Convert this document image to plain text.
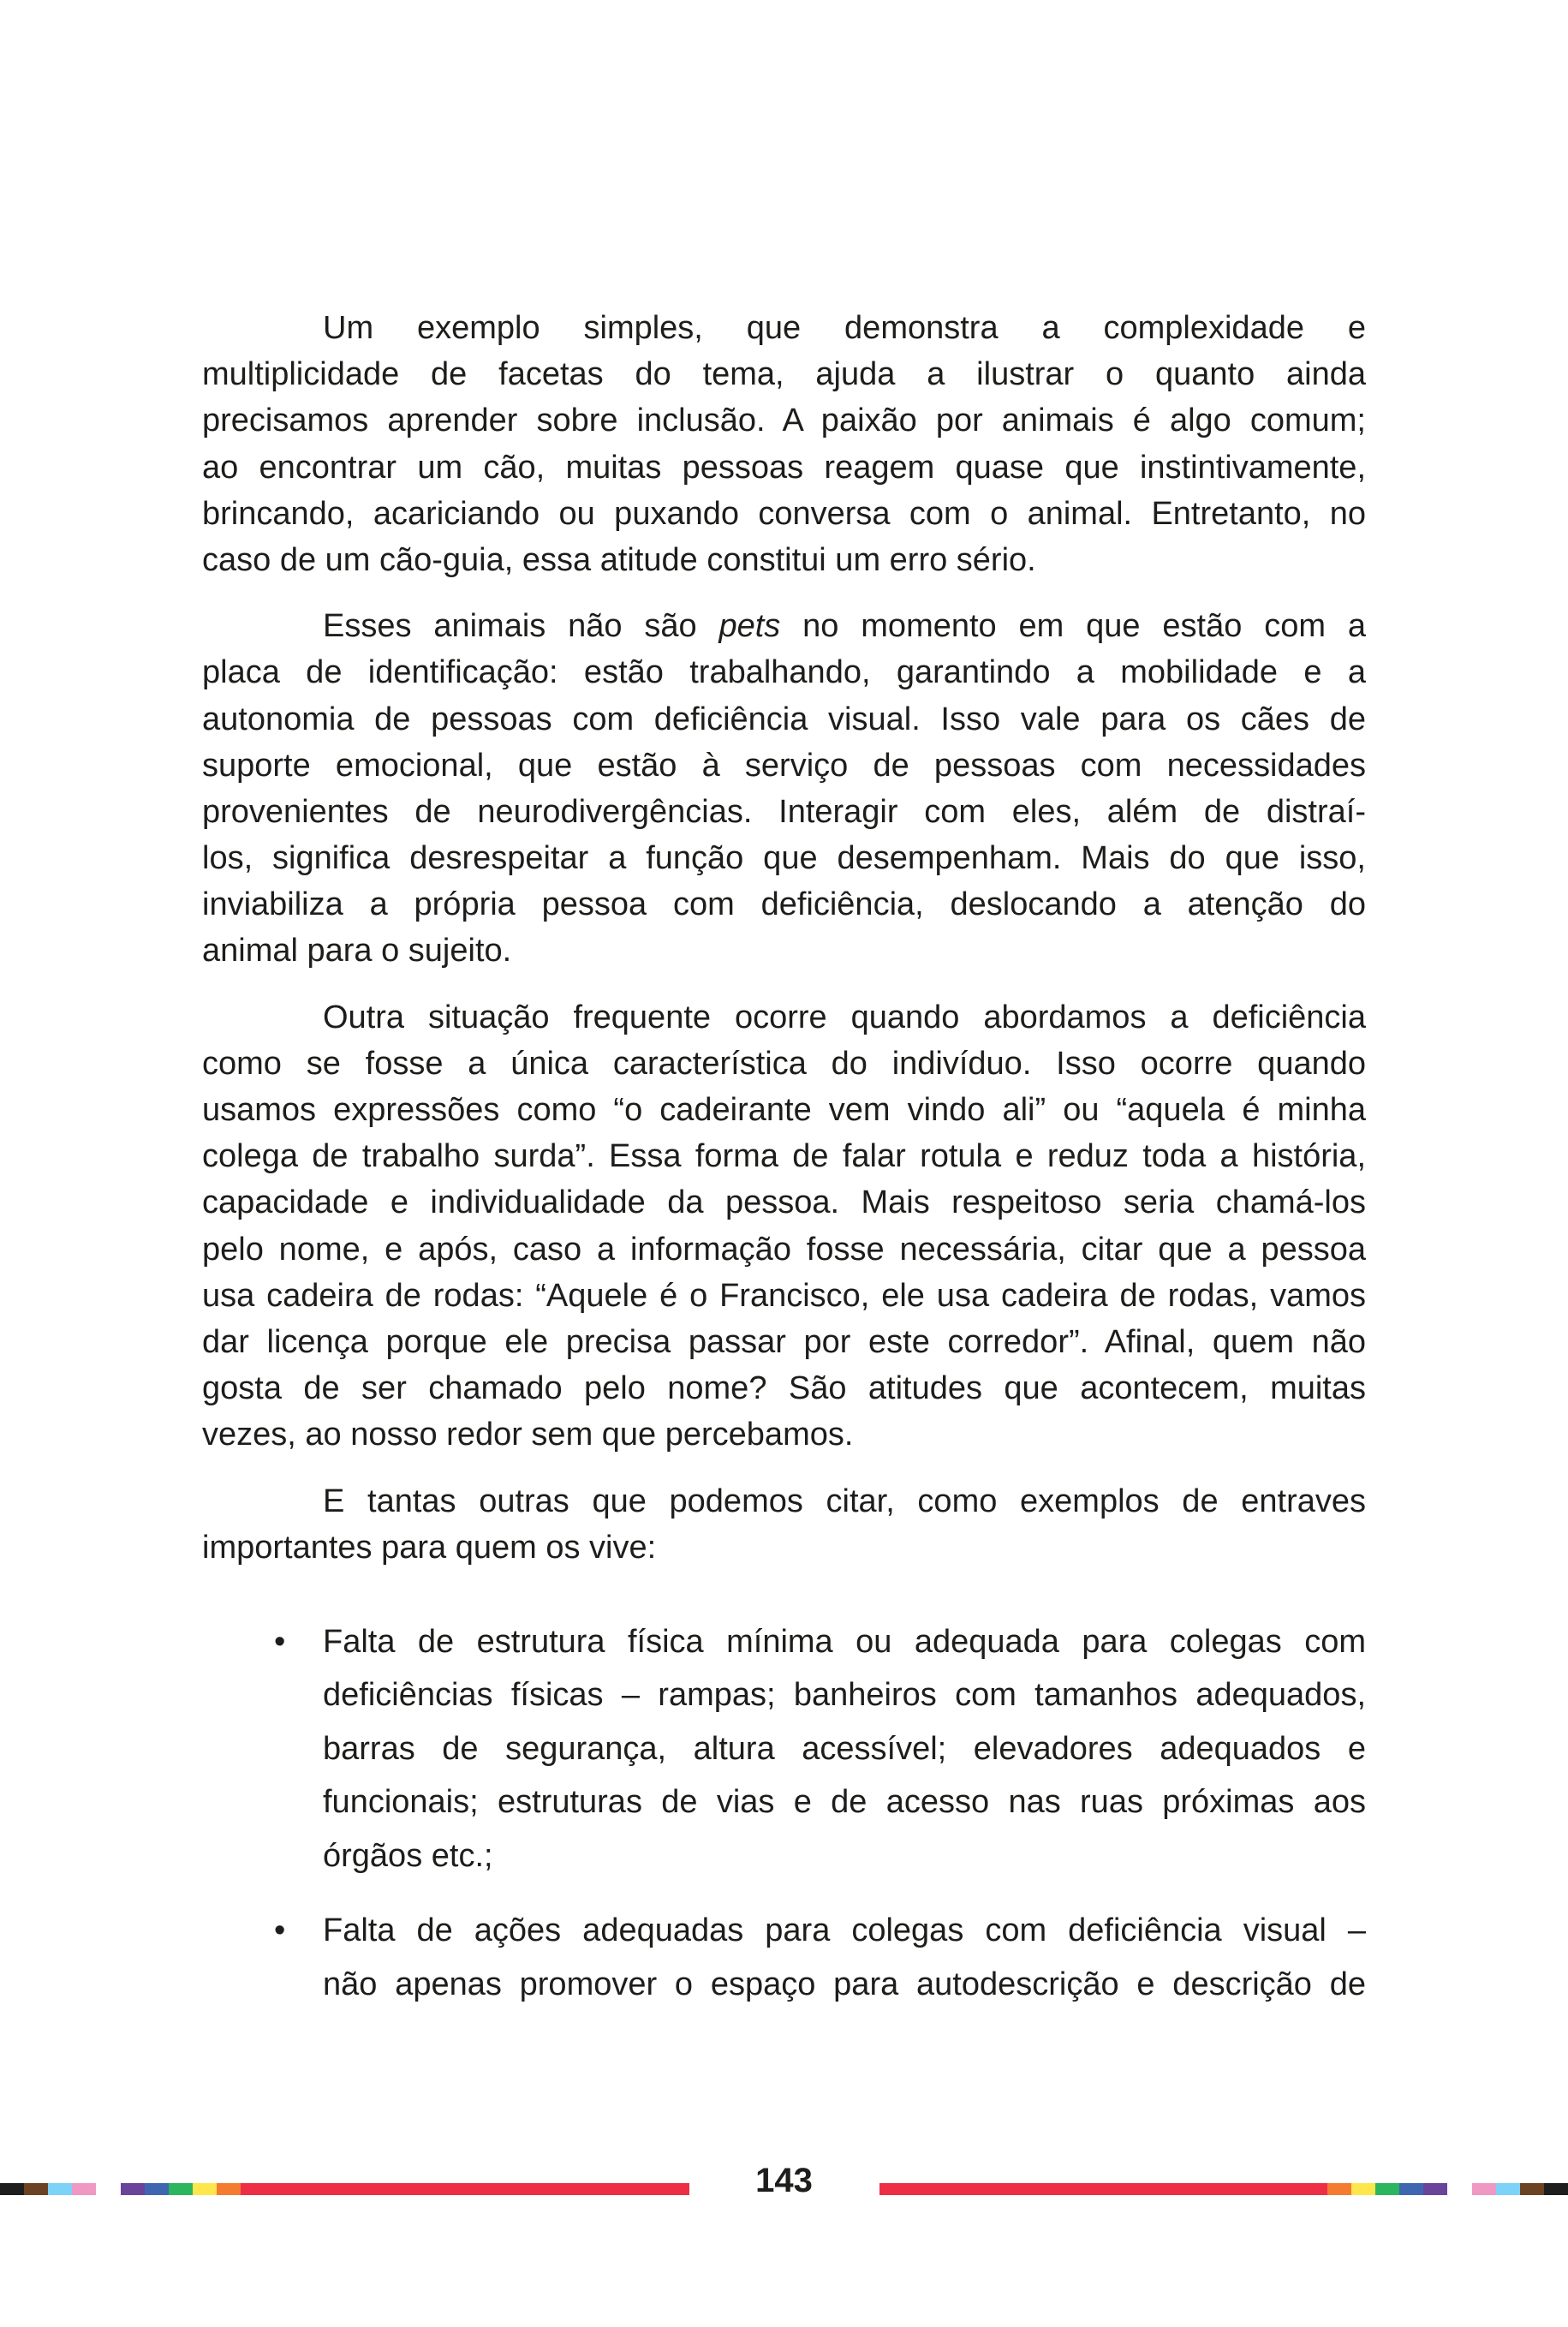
Um exemplo simples, que demonstra a complexidade e
multiplicidade de facetas do tema, ajuda a ilustrar o quanto ainda
precisamos aprender sobre inclusão. A paixão por animais é algo comum;
ao encontrar um cão, muitas pessoas reagem quase que instintivamente,
brincando, acariciando ou puxando conversa com o animal. Entretanto, no
caso de um cão-guia, essa atitude constitui um erro sério.

Esses animais não são pets no momento em que estão com a
placa de identificação: estão trabalhando, garantindo a mobilidade e a
autonomia de pessoas com deficiência visual. Isso vale para os cães de
suporte emocional, que estão à serviço de pessoas com necessidades
provenientes de neurodivergências. Interagir com eles, além de distraí-
los, significa desrespeitar a função que desempenham. Mais do que isso,
inviabiliza a própria pessoa com deficiência, deslocando a atenção do
animal para o sujeito.

Outra situação frequente ocorre quando abordamos a deficiência
como se fosse a única característica do indivíduo. Isso ocorre quando
usamos expressões como “o cadeirante vem vindo ali” ou “aquela é minha
colega de trabalho surda”. Essa forma de falar rotula e reduz toda a história,
capacidade e individualidade da pessoa. Mais respeitoso seria chamá-los
pelo nome, e após, caso a informação fosse necessária, citar que a pessoa
usa cadeira de rodas: “Aquele é o Francisco, ele usa cadeira de rodas, vamos
dar licença porque ele precisa passar por este corredor”. Afinal, quem não
gosta de ser chamado pelo nome? São atitudes que acontecem, muitas
vezes, ao nosso redor sem que percebamos.

E tantas outras que podemos citar, como exemplos de entraves
importantes para quem os vive:

• Falta de estrutura física mínima ou adequada para colegas com
deficiências físicas – rampas; banheiros com tamanhos adequados,
barras de segurança, altura acessível; elevadores adequados e
funcionais; estruturas de vias e de acesso nas ruas próximas aos
órgãos etc.;
• Falta de ações adequadas para colegas com deficiência visual –
não apenas promover o espaço para autodescrição e descrição de
143
